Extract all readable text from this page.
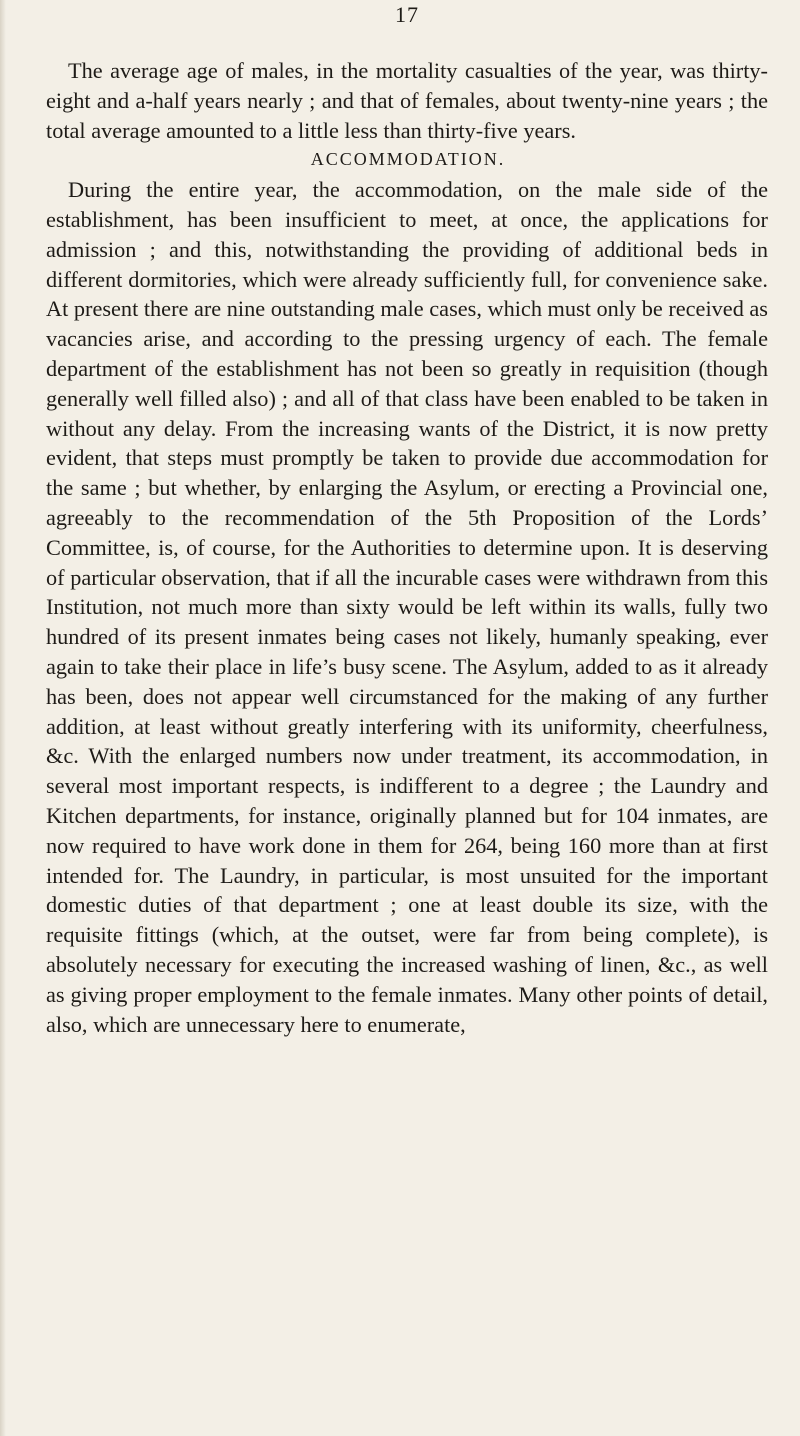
17

The average age of males, in the mortality casualties of the year, was thirty-eight and a-half years nearly ; and that of females, about twenty-nine years ; the total average amounted to a little less than thirty-five years.

ACCOMMODATION.

During the entire year, the accommodation, on the male side of the establishment, has been insufficient to meet, at once, the applications for admission ; and this, notwithstanding the providing of additional beds in different dormitories, which were already sufficiently full, for convenience sake. At present there are nine outstanding male cases, which must only be received as vacancies arise, and according to the pressing urgency of each. The female department of the establishment has not been so greatly in requisition (though generally well filled also) ; and all of that class have been enabled to be taken in without any delay. From the increasing wants of the District, it is now pretty evident, that steps must promptly be taken to provide due accommodation for the same ; but whether, by enlarging the Asylum, or erecting a Provincial one, agreeably to the recommendation of the 5th Proposition of the Lords’ Committee, is, of course, for the Authorities to determine upon. It is deserving of particular observation, that if all the incurable cases were withdrawn from this Institution, not much more than sixty would be left within its walls, fully two hundred of its present inmates being cases not likely, humanly speaking, ever again to take their place in life’s busy scene. The Asylum, added to as it already has been, does not appear well circumstanced for the making of any further addition, at least without greatly interfering with its uniformity, cheerfulness, &c. With the enlarged numbers now under treatment, its accommodation, in several most important respects, is indifferent to a degree ; the Laundry and Kitchen departments, for instance, originally planned but for 104 inmates, are now required to have work done in them for 264, being 160 more than at first intended for. The Laundry, in particular, is most unsuited for the important domestic duties of that department ; one at least double its size, with the requisite fittings (which, at the outset, were far from being complete), is absolutely necessary for executing the increased washing of linen, &c., as well as giving proper employment to the female inmates. Many other points of detail, also, which are unnecessary here to enumerate,
